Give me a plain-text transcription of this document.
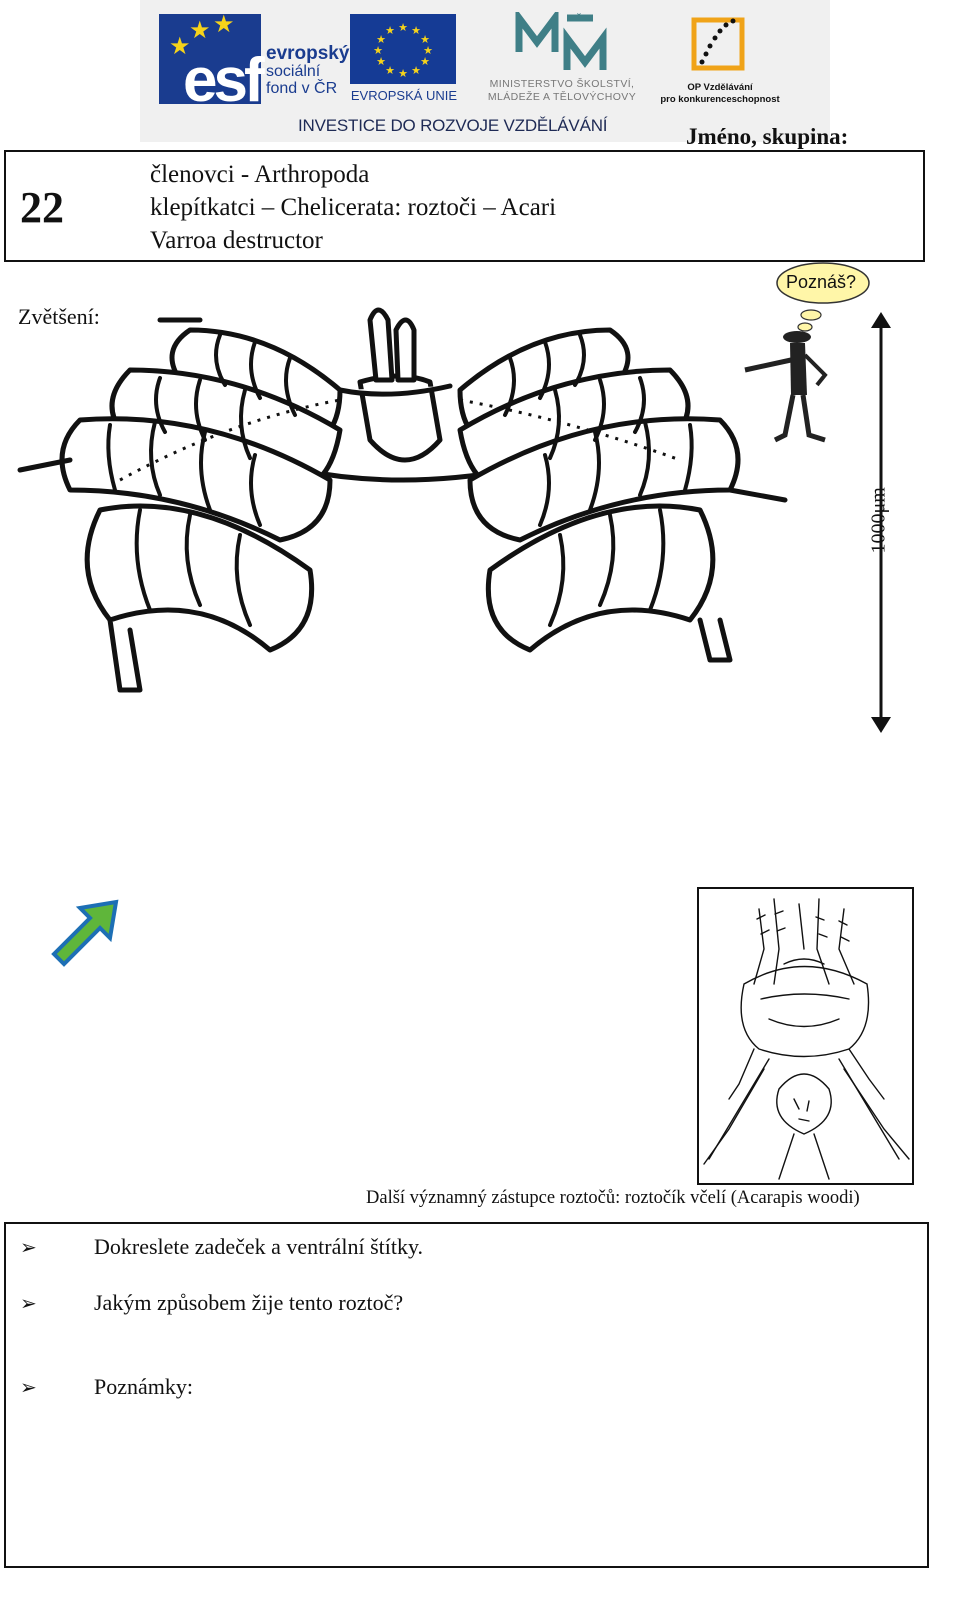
★ ★
★
esf evropský
sociální
fond v ČR
★ ★
★
★
★
★
★
★
★
★
★
★
EVROPSKÁ UNIE
ˇ
MINISTERSTVO ŠKOLSTVÍ,
MLÁDEŽE A TĚLOVÝCHOVY
OP Vzdělávání
pro konkurenceschopnost
INVESTICE DO ROZVOJE VZDĚLÁVÁNÍ	Jméno, skupina:
22
členovci - Arthropoda
klepítkatci – Chelicerata: roztoči – Acari
Varroa destructor
Zvětšení:
Poznáš?
1000μm
Další významný zástupce roztočů: roztočík včelí (Acarapis woodi)
➢	Dokreslete zadeček a ventrální štítky.
➢	Jakým způsobem žije tento roztoč?
➢	Poznámky:
